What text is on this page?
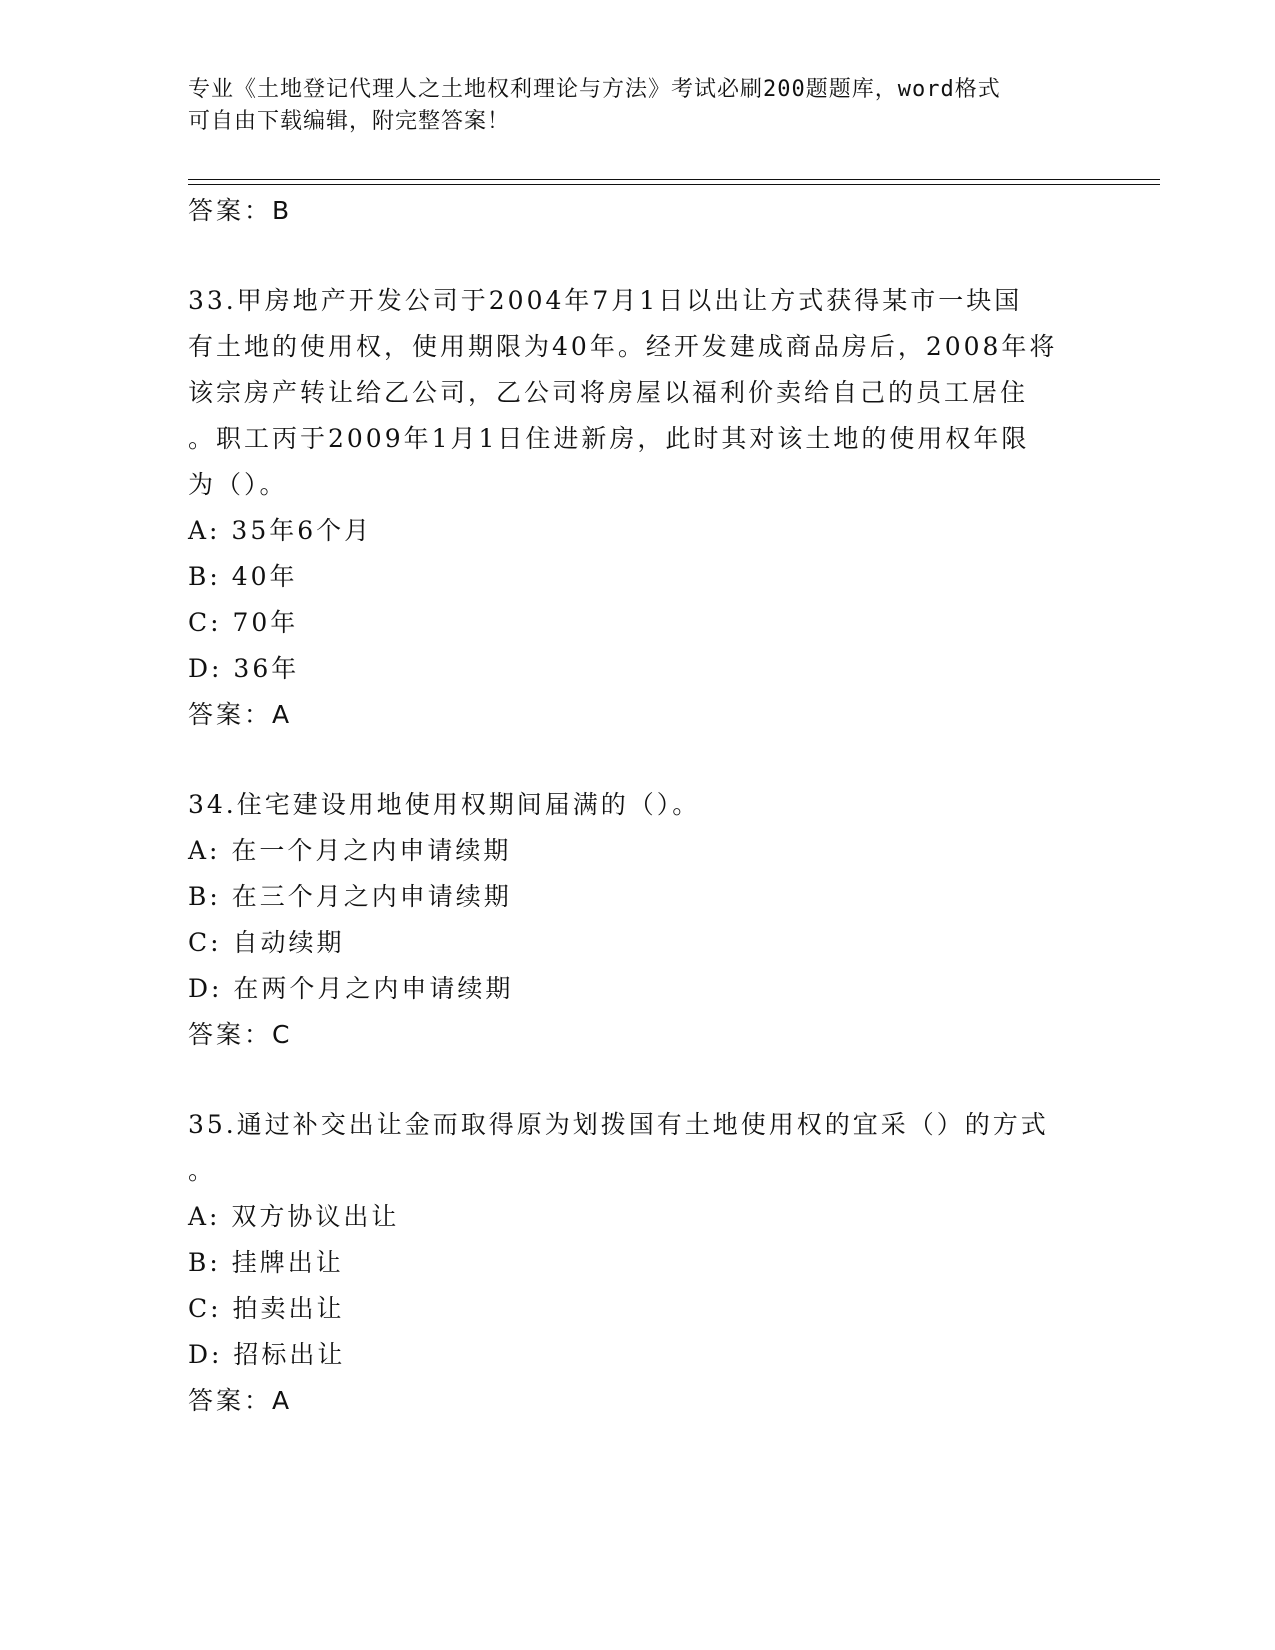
专业《土地登记代理人之土地权利理论与方法》考试必刷200题题库，word格式
可自由下载编辑，附完整答案！
答案：B
33.甲房地产开发公司于2004年7月1日以出让方式获得某市一块国
有土地的使用权，使用期限为40年。经开发建成商品房后，2008年将
该宗房产转让给乙公司，乙公司将房屋以福利价卖给自己的员工居住
。职工丙于2009年1月1日住进新房，此时其对该土地的使用权年限
为（）。
A: 35年6个月
B: 40年
C: 70年
D: 36年
答案：A
34.住宅建设用地使用权期间届满的（）。
A: 在一个月之内申请续期
B: 在三个月之内申请续期
C: 自动续期
D: 在两个月之内申请续期
答案：C
35.通过补交出让金而取得原为划拨国有土地使用权的宜采（）的方式
。
A: 双方协议出让
B: 挂牌出让
C: 拍卖出让
D: 招标出让
答案：A
